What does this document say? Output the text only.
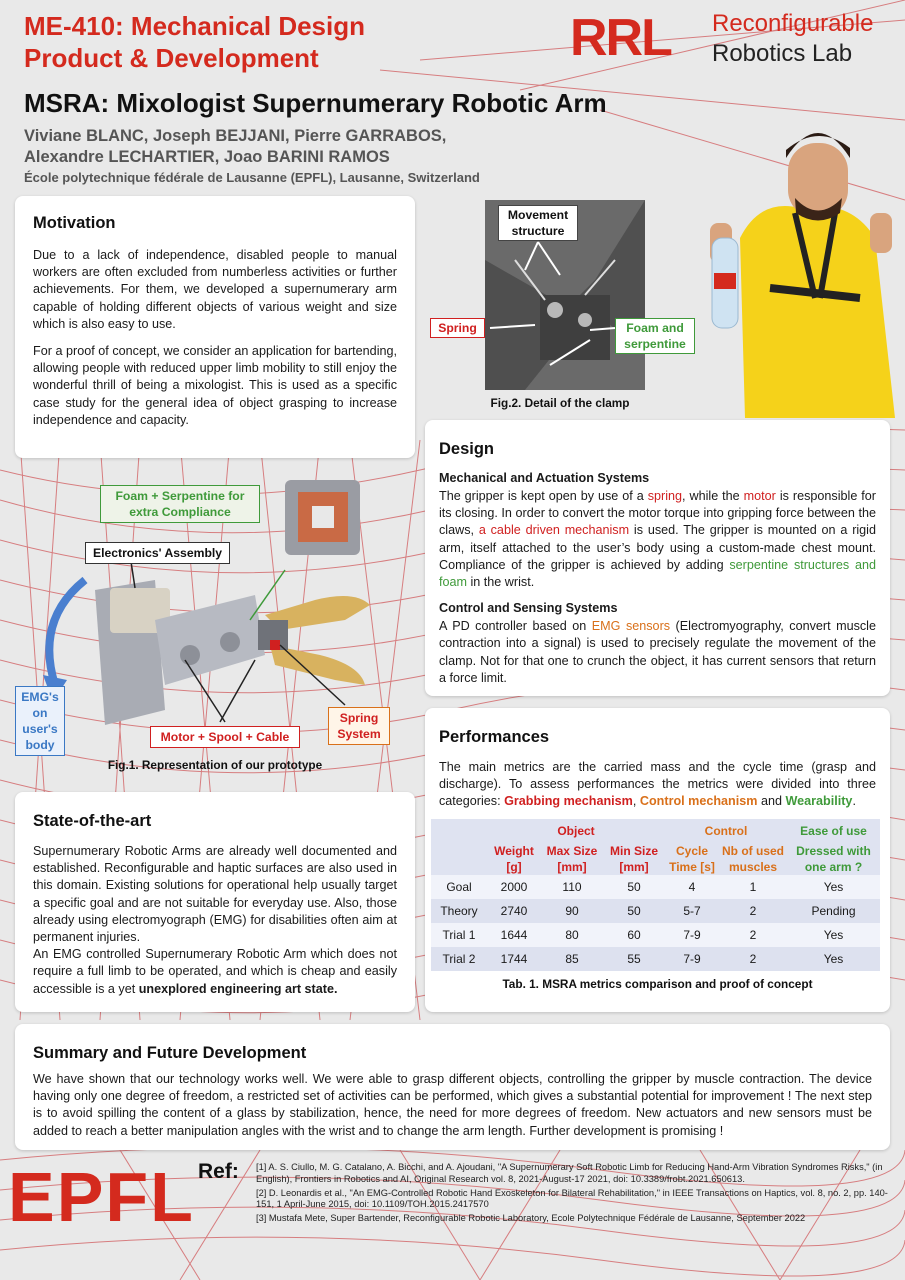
ME-410: Mechanical Design
Product & Development	RRL Reconfigurable
Robotics Lab
MSRA: Mixologist Supernumerary Robotic Arm
Viviane BLANC, Joseph BEJJANI, Pierre GARRABOS,
Alexandre LECHARTIER, Joao BARINI RAMOS
École polytechnique fédérale de Lausanne (EPFL), Lausanne, Switzerland
Motivation

Due to a lack of independence, disabled people to manual workers are often excluded from numberless activities or further achievements. For them, we developed a supernumerary arm capable of holding different objects of various weight and size which is also easy to use.

For a proof of concept, we consider an application for bartending, allowing people with reduced upper limb mobility to still enjoy the wonderful thrill of being a mixologist. This is used as a specific case study for the general idea of object grasping to increase independence and capacity.

Movement structure
Spring	Foam and serpentine
Fig.2. Detail of the clamp
Foam + Serpentine for extra Compliance
Electronics' Assembly
EMG's on user's body
Motor + Spool + Cable
Spring System
Fig.1. Representation of our prototype
Design

Mechanical and Actuation Systems

The gripper is kept open by use of a spring, while the motor is responsible for its closing. In order to convert the motor torque into gripping force between the claws, a cable driven mechanism is used. The gripper is mounted on a rigid arm, itself attached to the user’s body using a custom-made chest mount. Compliance of the gripper is achieved by adding serpentine structures and foam in the wrist.

Control and Sensing Systems

A PD controller based on EMG sensors (Electromyography, convert muscle contraction into a signal) is used to precisely regulate the movement of the clamp. Not for that one to crunch the object, it has current sensors that return a force limit.

State-of-the-art

Supernumerary Robotic Arms are already well documented and established. Reconfigurable and haptic surfaces are also used in this domain. Existing solutions for operational help usually target a specific goal and are not suitable for everyday use. Also, those already using electromyograph (EMG) for disabilities often aim at permanent injuries.

An EMG controlled Supernumerary Robotic Arm which does not require a full limb to be operated, and which is cheap and easily accessible is a yet unexplored engineering art state.

Performances

The main metrics are the carried mass and the cycle time (grasp and discharge). To assess performances the metrics were divided into three categories: Grabbing mechanism, Control mechanism and Wearability.

	Object			Control		Ease of use
	Weight [g]	Max Size [mm]	Min Size [mm]	Cycle Time [s]	Nb of used muscles	Dressed with one arm ?
Goal	2000	110	50	4	1	Yes
Theory	2740	90	50	5-7	2	Pending
Trial 1	1644	80	60	7-9	2	Yes
Trial 2	1744	85	55	7-9	2	Yes
Tab. 1. MSRA metrics comparison and proof of concept
Summary and Future Development

We have shown that our technology works well. We were able to grasp different objects, controlling the gripper by muscle contraction. The device having only one degree of freedom, a restricted set of activities can be performed, which gives a substantial potential for improvement ! The next step is to avoid spilling the content of a glass by stabilization, hence, the need for more degrees of freedom. New actuators and new sensors must be added to reach a better manipulation angles with the wrist and to change the arm length. Further development is promising !

EPFL Ref: [1] A. S. Ciullo, M. G. Catalano, A. Bicchi, and A. Ajoudani, "A Supernumerary Soft Robotic Limb for Reducing Hand-Arm Vibration Syndromes Risks," (in English), Frontiers in Robotics and AI, Original Research vol. 8, 2021-August-17 2021, doi: 10.3389/frobt.2021.650613.
[2] D. Leonardis et al., "An EMG-Controlled Robotic Hand Exoskeleton for Bilateral Rehabilitation," in IEEE Transactions on Haptics, vol. 8, no. 2, pp. 140-151, 1 April-June 2015, doi: 10.1109/TOH.2015.2417570
[3] Mustafa Mete, Super Bartender, Reconfigurable Robotic Laboratory, Ecole Polytechnique Fédérale de Lausanne, September 2022
